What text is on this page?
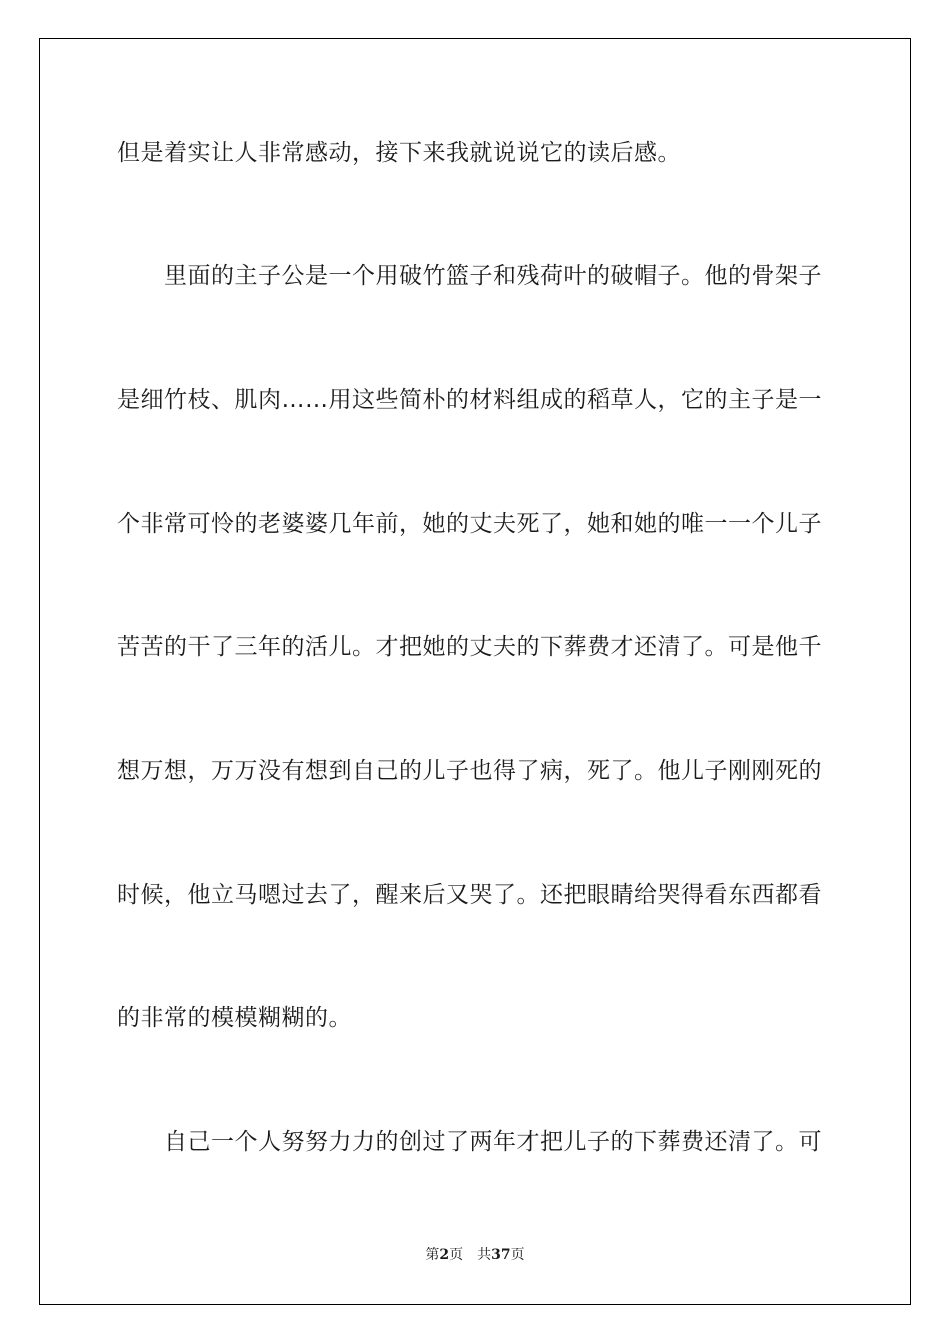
但是着实让人非常感动，接下来我就说说它的读后感。
里面的主子公是一个用破竹篮子和残荷叶的破帽子。他的骨架子
是细竹枝、肌肉……用这些简朴的材料组成的稻草人，它的主子是一
个非常可怜的老婆婆几年前，她的丈夫死了，她和她的唯一一个儿子
苦苦的干了三年的活儿。才把她的丈夫的下葬费才还清了。可是他千
想万想，万万没有想到自己的儿子也得了病，死了。他儿子刚刚死的
时候，他立马嗯过去了，醒来后又哭了。还把眼睛给哭得看东西都看
的非常的模模糊糊的。
自己一个人努努力力的创过了两年才把儿子的下葬费还清了。可
第2页 共37页
